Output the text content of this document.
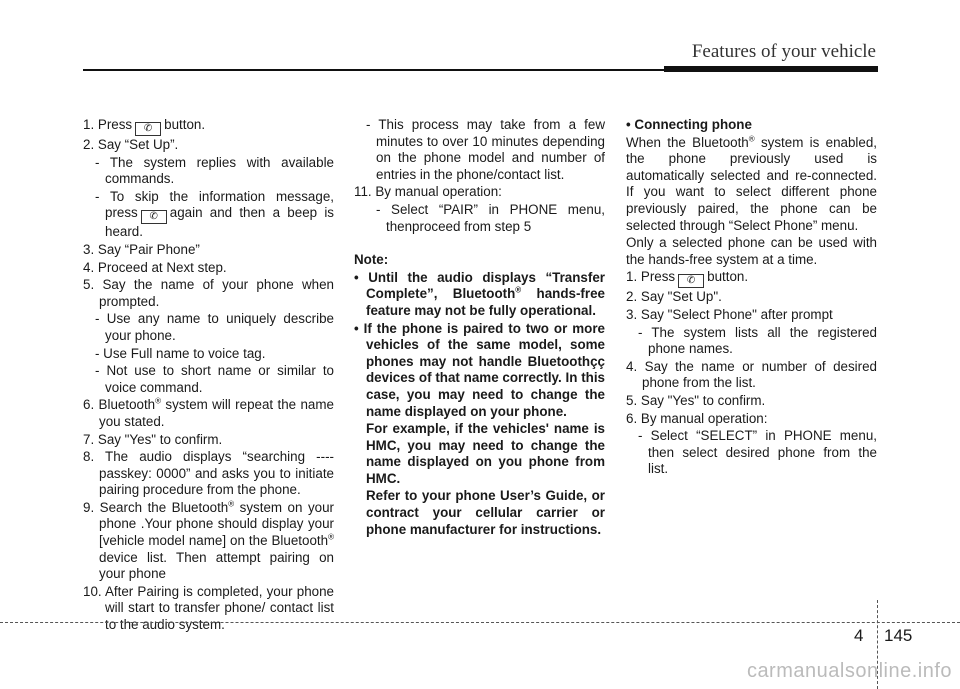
Features of your vehicle
1. Press ✆ button.
2. Say “Set Up”.
- The system replies with available commands.
- To skip the information message, press ✆ again and then a beep is heard.
3. Say “Pair Phone”
4. Proceed at Next step.
5. Say the name of your phone when prompted.
- Use any name to uniquely describe your phone.
- Use Full name to voice tag.
- Not use to short name or similar to voice command.
6. Bluetooth® system will repeat the name you stated.
7. Say "Yes" to confirm.
8. The audio displays “searching ---- passkey: 0000” and asks you to initiate pairing procedure from the phone.
9. Search the Bluetooth® system on your phone .Your phone should display your [vehicle model name] on the Bluetooth® device list. Then attempt pairing on your phone
10. After Pairing is completed, your phone will start to transfer phone/ contact list to the audio system.
- This process may take from a few minutes to over 10 minutes depending on the phone model and number of entries in the phone/contact list.
11. By manual operation:
- Select “PAIR” in PHONE menu, thenproceed from step 5
Note:
• Until the audio displays “Transfer Complete”, Bluetooth® hands-free feature may not be fully operational.
• If the phone is paired to two or more vehicles of the same model, some phones may not handle Bluetoothçç devices of that name correctly. In this case, you may need to change the name displayed on your phone.
For example, if the vehicles' name is HMC, you may need to change the name displayed on you phone from HMC.
Refer to your phone User’s Guide, or contract your cellular carrier or phone manufacturer for instructions.
• Connecting phone
When the Bluetooth® system is enabled, the phone previously used is automatically selected and re-connected. If you want to select different phone previously paired, the phone can be selected through “Select Phone” menu.
Only a selected phone can be used with the hands-free system at a time.
1. Press ✆ button.
2. Say "Set Up".
3. Say "Select Phone" after prompt
- The system lists all the registered phone names.
4. Say the name or number of desired phone from the list.
5. Say "Yes" to confirm.
6. By manual operation:
- Select “SELECT” in PHONE menu, then select desired phone from the list.
4 145
carmanualsonline.info
